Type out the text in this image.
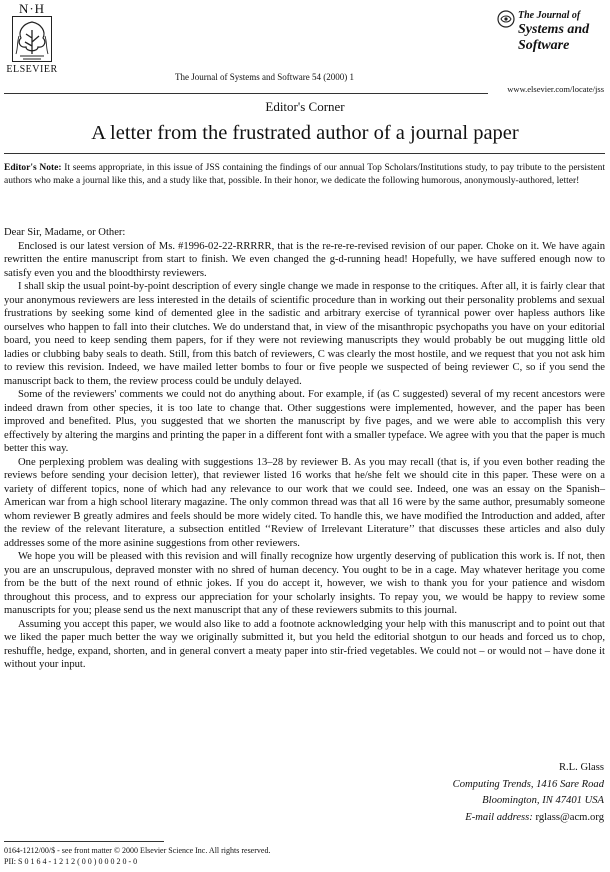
N·H
ELSEVIER
The Journal of
Systems and
Software
The Journal of Systems and Software 54 (2000) 1
www.elsevier.com/locate/jss
Editor's Corner
A letter from the frustrated author of a journal paper
Editor's Note: It seems appropriate, in this issue of JSS containing the findings of our annual Top Scholars/Institutions study, to pay tribute to the persistent authors who make a journal like this, and a study like that, possible. In their honor, we dedicate the following humorous, anonymously-authored, letter!

Dear Sir, Madame, or Other:

Enclosed is our latest version of Ms. #1996-02-22-RRRRR, that is the re-re-re-revised revision of our paper. Choke on it. We have again rewritten the entire manuscript from start to finish. We even changed the g-d-running head! Hopefully, we have suffered enough now to satisfy even you and the bloodthirsty reviewers.

I shall skip the usual point-by-point description of every single change we made in response to the critiques. After all, it is fairly clear that your anonymous reviewers are less interested in the details of scientific procedure than in working out their personality problems and sexual frustrations by seeking some kind of demented glee in the sadistic and arbitrary exercise of tyrannical power over hapless authors like ourselves who happen to fall into their clutches. We do understand that, in view of the misanthropic psychopaths you have on your editorial board, you need to keep sending them papers, for if they were not reviewing manuscripts they would probably be out mugging little old ladies or clubbing baby seals to death. Still, from this batch of reviewers, C was clearly the most hostile, and we request that you not ask him to review this revision. Indeed, we have mailed letter bombs to four or five people we suspected of being reviewer C, so if you send the manuscript back to them, the review process could be unduly delayed.

Some of the reviewers' comments we could not do anything about. For example, if (as C suggested) several of my recent ancestors were indeed drawn from other species, it is too late to change that. Other suggestions were implemented, however, and the paper has been improved and benefited. Plus, you suggested that we shorten the manuscript by five pages, and we were able to accomplish this very effectively by altering the margins and printing the paper in a different font with a smaller typeface. We agree with you that the paper is much better this way.

One perplexing problem was dealing with suggestions 13–28 by reviewer B. As you may recall (that is, if you even bother reading the reviews before sending your decision letter), that reviewer listed 16 works that he/she felt we should cite in this paper. These were on a variety of different topics, none of which had any relevance to our work that we could see. Indeed, one was an essay on the Spanish–American war from a high school literary magazine. The only common thread was that all 16 were by the same author, presumably someone whom reviewer B greatly admires and feels should be more widely cited. To handle this, we have modified the Introduction and added, after the review of the relevant literature, a subsection entitled ‘‘Review of Irrelevant Literature’’ that discusses these articles and also duly addresses some of the more asinine suggestions from other reviewers.

We hope you will be pleased with this revision and will finally recognize how urgently deserving of publication this work is. If not, then you are an unscrupulous, depraved monster with no shred of human decency. You ought to be in a cage. May whatever heritage you come from be the butt of the next round of ethnic jokes. If you do accept it, however, we wish to thank you for your patience and wisdom throughout this process, and to express our appreciation for your scholarly insights. To repay you, we would be happy to review some manuscripts for you; please send us the next manuscript that any of these reviewers submits to this journal.

Assuming you accept this paper, we would also like to add a footnote acknowledging your help with this manuscript and to point out that we liked the paper much better the way we originally submitted it, but you held the editorial shotgun to our heads and forced us to chop, reshuffle, hedge, expand, shorten, and in general convert a meaty paper into stir-fried vegetables. We could not – or would not – have done it without your input.

R.L. Glass
Computing Trends, 1416 Sare Road
Bloomington, IN 47401 USA
E-mail address: rglass@acm.org
0164-1212/00/$ - see front matter © 2000 Elsevier Science Inc. All rights reserved.
PII: S 0 1 6 4 - 1 2 1 2 ( 0 0 ) 0 0 0 2 0 - 0
